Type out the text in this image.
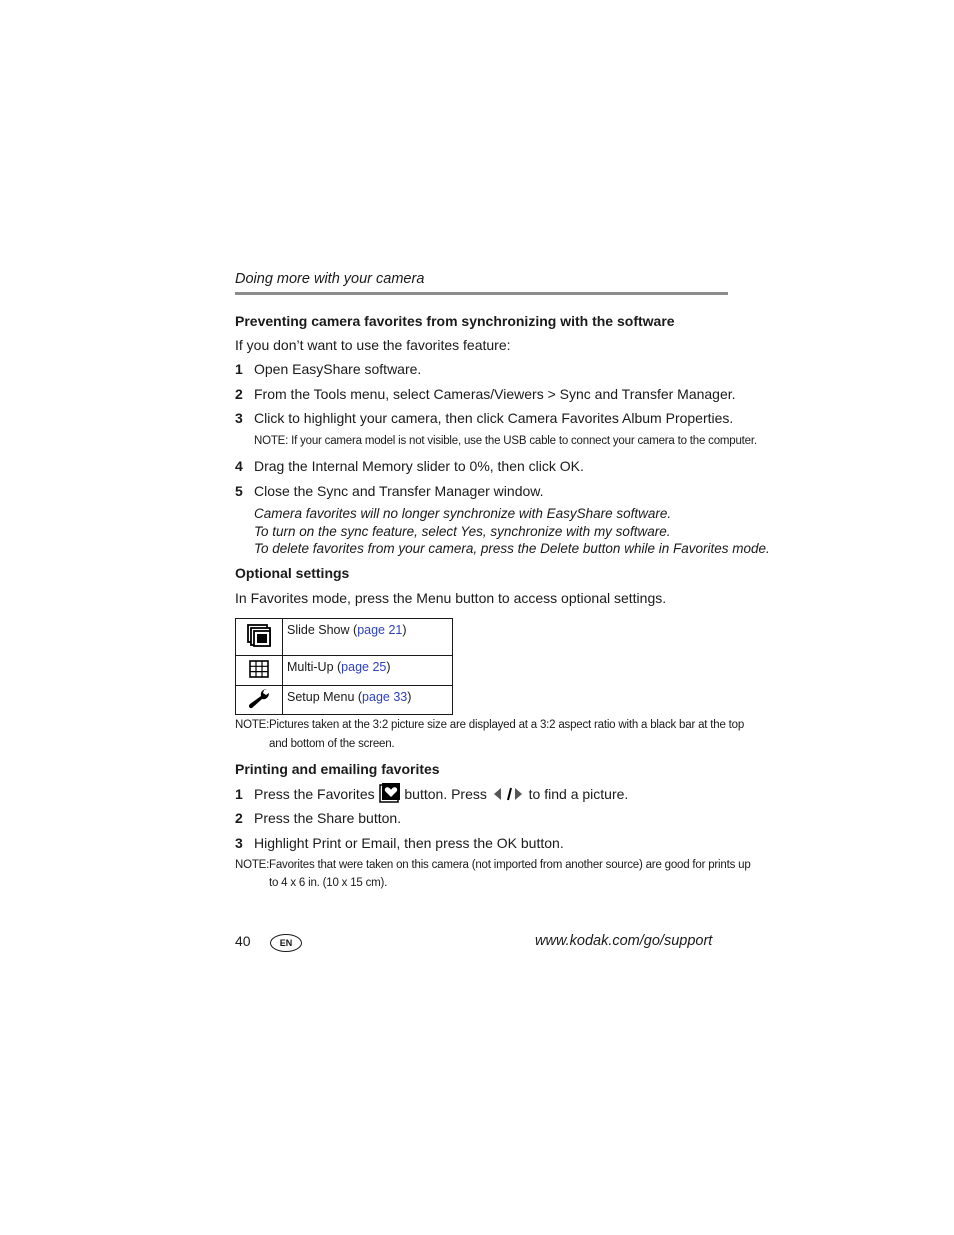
Doing more with your camera
Preventing camera favorites from synchronizing with the software
If you don’t want to use the favorites feature:
1 Open EasyShare software.
2 From the Tools menu, select Cameras/Viewers > Sync and Transfer Manager.
3 Click to highlight your camera, then click Camera Favorites Album Properties.
NOTE: If your camera model is not visible, use the USB cable to connect your camera to the computer.
4 Drag the Internal Memory slider to 0%, then click OK.
5 Close the Sync and Transfer Manager window.
Camera favorites will no longer synchronize with EasyShare software.
To turn on the sync feature, select Yes, synchronize with my software.
To delete favorites from your camera, press the Delete button while in Favorites mode.
Optional settings
In Favorites mode, press the Menu button to access optional settings.
	Slide Show (page 21)
	Multi-Up (page 25)
	Setup Menu (page 33)
NOTE: Pictures taken at the 3:2 picture size are displayed at a 3:2 aspect ratio with a black bar at the top
and bottom of the screen.
Printing and emailing favorites
1 Press the Favorites button. Press	to find a picture.
2 Press the Share button.
3 Highlight Print or Email, then press the OK button.
NOTE: Favorites that were taken on this camera (not imported from another source) are good for prints up
to 4 x 6 in. (10 x 15 cm).
40	EN	www.kodak.com/go/support
